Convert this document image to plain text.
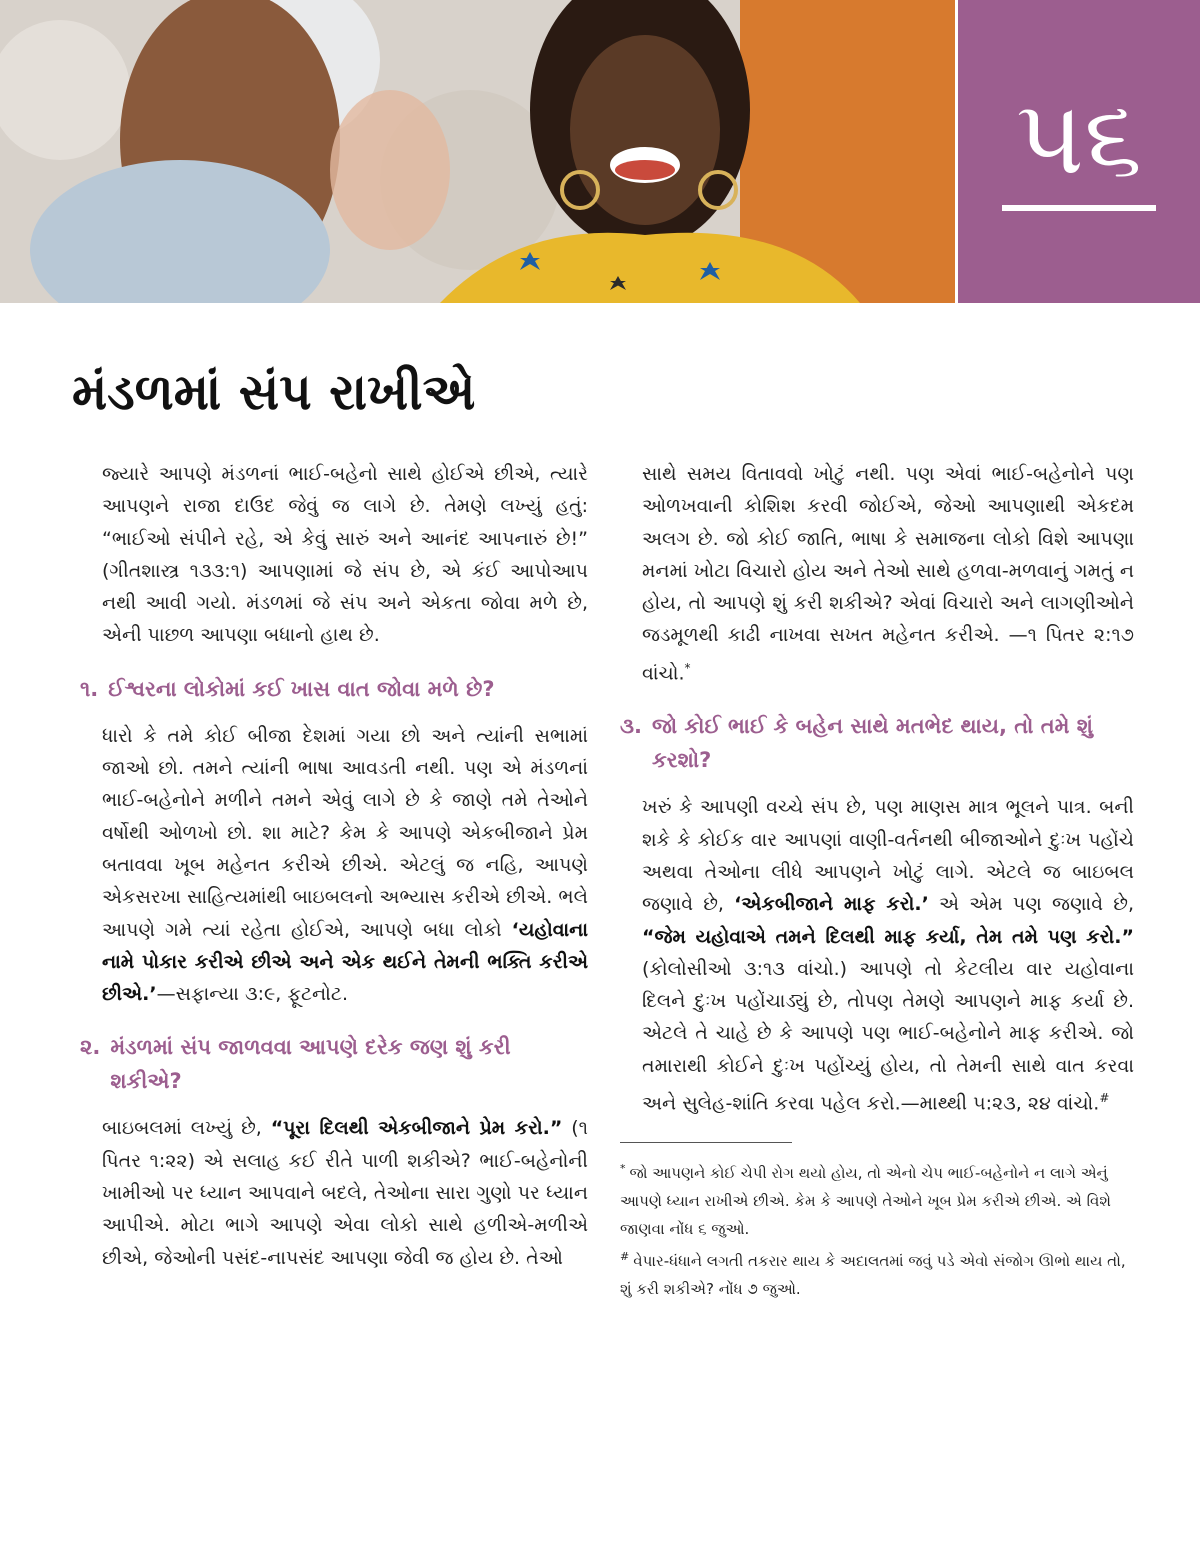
૫૬
મંડળમાં સંપ રાખીએ

જ્યારે આપણે મંડળનાં ભાઈ-બહેનો સાથે હોઈએ છીએ, ત્યારે આપણને રાજા દાઉદ જેવું જ લાગે છે. તેમણે લખ્યું હતું: “ભાઈઓ સંપીને રહે, એ કેવું સારું અને આનંદ આપનારું છે!” (ગીતશાસ્ત્ર ૧૩૩:૧) આપણામાં જે સંપ છે, એ કંઈ આપોઆપ નથી આવી ગયો. મંડળમાં જે સંપ અને એકતા જોવા મળે છે, એની પાછળ આપણા બધાનો હાથ છે.

૧. ઈશ્વરના લોકોમાં કઈ ખાસ વાત જોવા મળે છે?

ધારો કે તમે કોઈ બીજા દેશમાં ગયા છો અને ત્યાંની સભામાં જાઓ છો. તમને ત્યાંની ભાષા આવડતી નથી. પણ એ મંડળનાં ભાઈ-બહેનોને મળીને તમને એવું લાગે છે કે જાણે તમે તેઓને વર્ષોથી ઓળખો છો. શા માટે? કેમ કે આપણે એકબીજાને પ્રેમ બતાવવા ખૂબ મહેનત કરીએ છીએ. એટલું જ નહિ, આપણે એકસરખા સાહિત્યમાંથી બાઇબલનો અભ્યાસ કરીએ છીએ. ભલે આપણે ગમે ત્યાં રહેતા હોઈએ, આપણે બધા લોકો ‘યહોવાના નામે પોકાર કરીએ છીએ અને એક થઈને તેમની ભક્તિ કરીએ છીએ.’—સફાન્યા ૩:૯, ફૂટનોટ.

૨. મંડળમાં સંપ જાળવવા આપણે દરેક જણ શું કરી શકીએ?

બાઇબલમાં લખ્યું છે, “પૂરા દિલથી એકબીજાને પ્રેમ કરો.” (૧ પિતર ૧:૨૨) એ સલાહ કઈ રીતે પાળી શકીએ? ભાઈ-બહેનોની ખામીઓ પર ધ્યાન આપવાને બદલે, તેઓના સારા ગુણો પર ધ્યાન આપીએ. મોટા ભાગે આપણે એવા લોકો સાથે હળીએ-મળીએ છીએ, જેઓની પસંદ-નાપસંદ આપણા જેવી જ હોય છે. તેઓ

સાથે સમય વિતાવવો ખોટું નથી. પણ એવાં ભાઈ-બહેનોને પણ ઓળખવાની કોશિશ કરવી જોઈએ, જેઓ આપણાથી એકદમ અલગ છે. જો કોઈ જાતિ, ભાષા કે સમાજના લોકો વિશે આપણા મનમાં ખોટા વિચારો હોય અને તેઓ સાથે હળવા-મળવાનું ગમતું ન હોય, તો આપણે શું કરી શકીએ? એવાં વિચારો અને લાગણીઓને જડમૂળથી કાઢી નાખવા સખત મહેનત કરીએ. —૧ પિતર ૨:૧૭ વાંચો.*

૩. જો કોઈ ભાઈ કે બહેન સાથે મતભેદ થાય, તો તમે શું કરશો?

ખરું કે આપણી વચ્ચે સંપ છે, પણ માણસ માત્ર ભૂલને પાત્ર. બની શકે કે કોઈક વાર આપણાં વાણી-વર્તનથી બીજાઓને દુઃખ પહોંચે અથવા તેઓના લીધે આપણને ખોટું લાગે. એટલે જ બાઇબલ જણાવે છે, ‘એકબીજાને માફ કરો.’ એ એમ પણ જણાવે છે, “જેમ યહોવાએ તમને દિલથી માફ કર્યા, તેમ તમે પણ કરો.” (કોલોસીઓ ૩:૧૩ વાંચો.) આપણે તો કેટલીય વાર યહોવાના દિલને દુઃખ પહોંચાડ્યું છે, તોપણ તેમણે આપણને માફ કર્યા છે. એટલે તે ચાહે છે કે આપણે પણ ભાઈ-બહેનોને માફ કરીએ. જો તમારાથી કોઈને દુઃખ પહોંચ્યું હોય, તો તેમની સાથે વાત કરવા અને સુલેહ-શાંતિ કરવા પહેલ કરો.—માથ્થી ૫:૨૩, ૨૪ વાંચો.#

* જો આપણને કોઈ ચેપી રોગ થયો હોય, તો એનો ચેપ ભાઈ-બહેનોને ન લાગે એનું આપણે ધ્યાન રાખીએ છીએ. કેમ કે આપણે તેઓને ખૂબ પ્રેમ કરીએ છીએ. એ વિશે જાણવા નોંધ ૬ જુઓ.

# વેપાર-ધંધાને લગતી તકરાર થાય કે અદાલતમાં જવું પડે એવો સંજોગ ઊભો થાય તો, શું કરી શકીએ? નોંધ ૭ જુઓ.
